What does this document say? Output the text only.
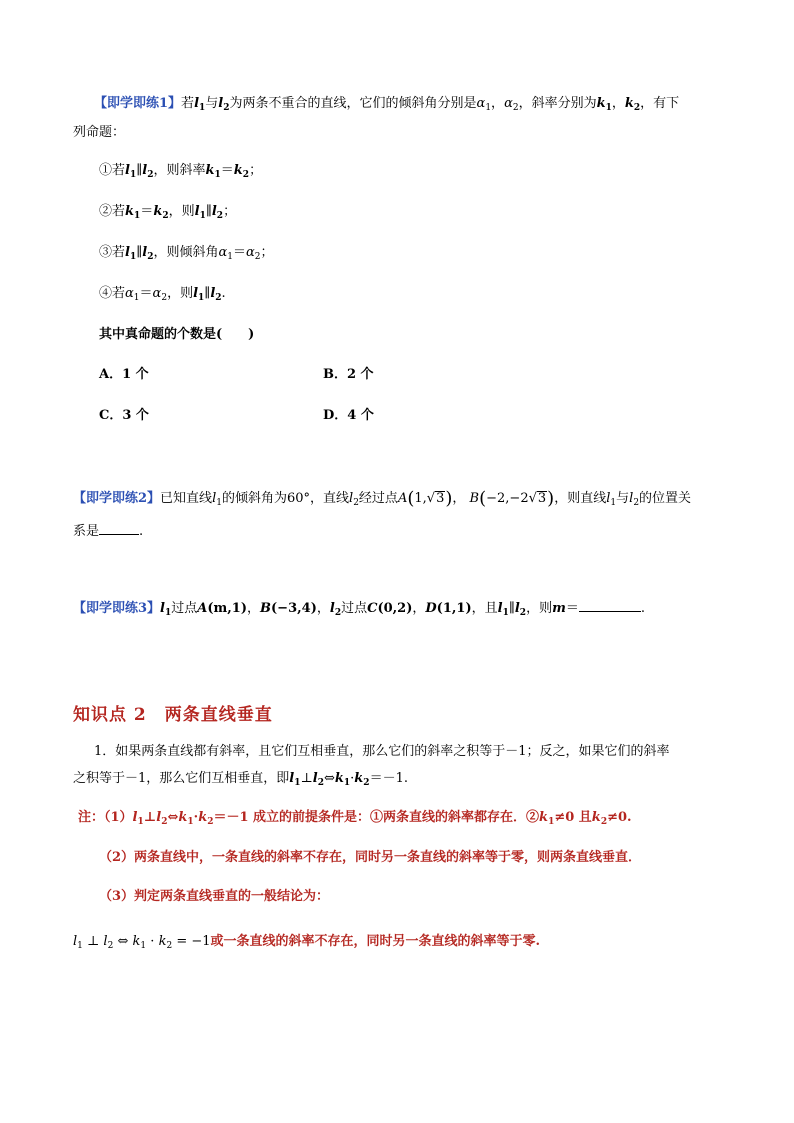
【即学即练1】若$l_1$与$l_2$为两条不重合的直线，它们的倾斜角分别是$\alpha_1$，$\alpha_2$，斜率分别为$k_1$，$k_2$，有下
列命题：
①若$l_1\parallel l_2$，则斜率$k_1=k_2$；
②若$k_1=k_2$，则$l_1\parallel l_2$；
③若$l_1\parallel l_2$，则倾斜角$\alpha_1=\alpha_2$；
④若$\alpha_1=\alpha_2$，则$l_1\parallel l_2$.
其中真命题的个数是(　　)
A．1 个	B．2 个
C．3 个	D．4 个
【即学即练2】已知直线$l_1$的倾斜角为60°，直线$l_2$经过点A(1,√3)， B(−2,−2√3)，则直线$l_1$与$l_2$的位置关
系是	.
【即学即练3】$l_1$过点A(m,1)，B(−3,4)，$l_2$过点C(0,2)，D(1,1)，且$l_1\parallel l_2$，则m＝	.
知识点 2　两条直线垂直
1．如果两条直线都有斜率，且它们互相垂直，那么它们的斜率之积等于－1；反之，如果它们的斜率
之积等于－1，那么它们互相垂直，即$l_1\perp l_2\Leftrightarrow k_1\cdot k_2=-1$.
注：$(1)l_1\perp l_2\Leftrightarrow k_1\cdot k_2=-1$ 成立的前提条件是：①两条直线的斜率都存在．$②k_1\ne 0$ 且$k_2\ne 0$.
（2）两条直线中，一条直线的斜率不存在，同时另一条直线的斜率等于零，则两条直线垂直．
（3）判定两条直线垂直的一般结论为：
$l_1$ ⊥ $l_2$ ⇔ $k_1 \cdot k_2 = -1$或一条直线的斜率不存在，同时另一条直线的斜率等于零.
